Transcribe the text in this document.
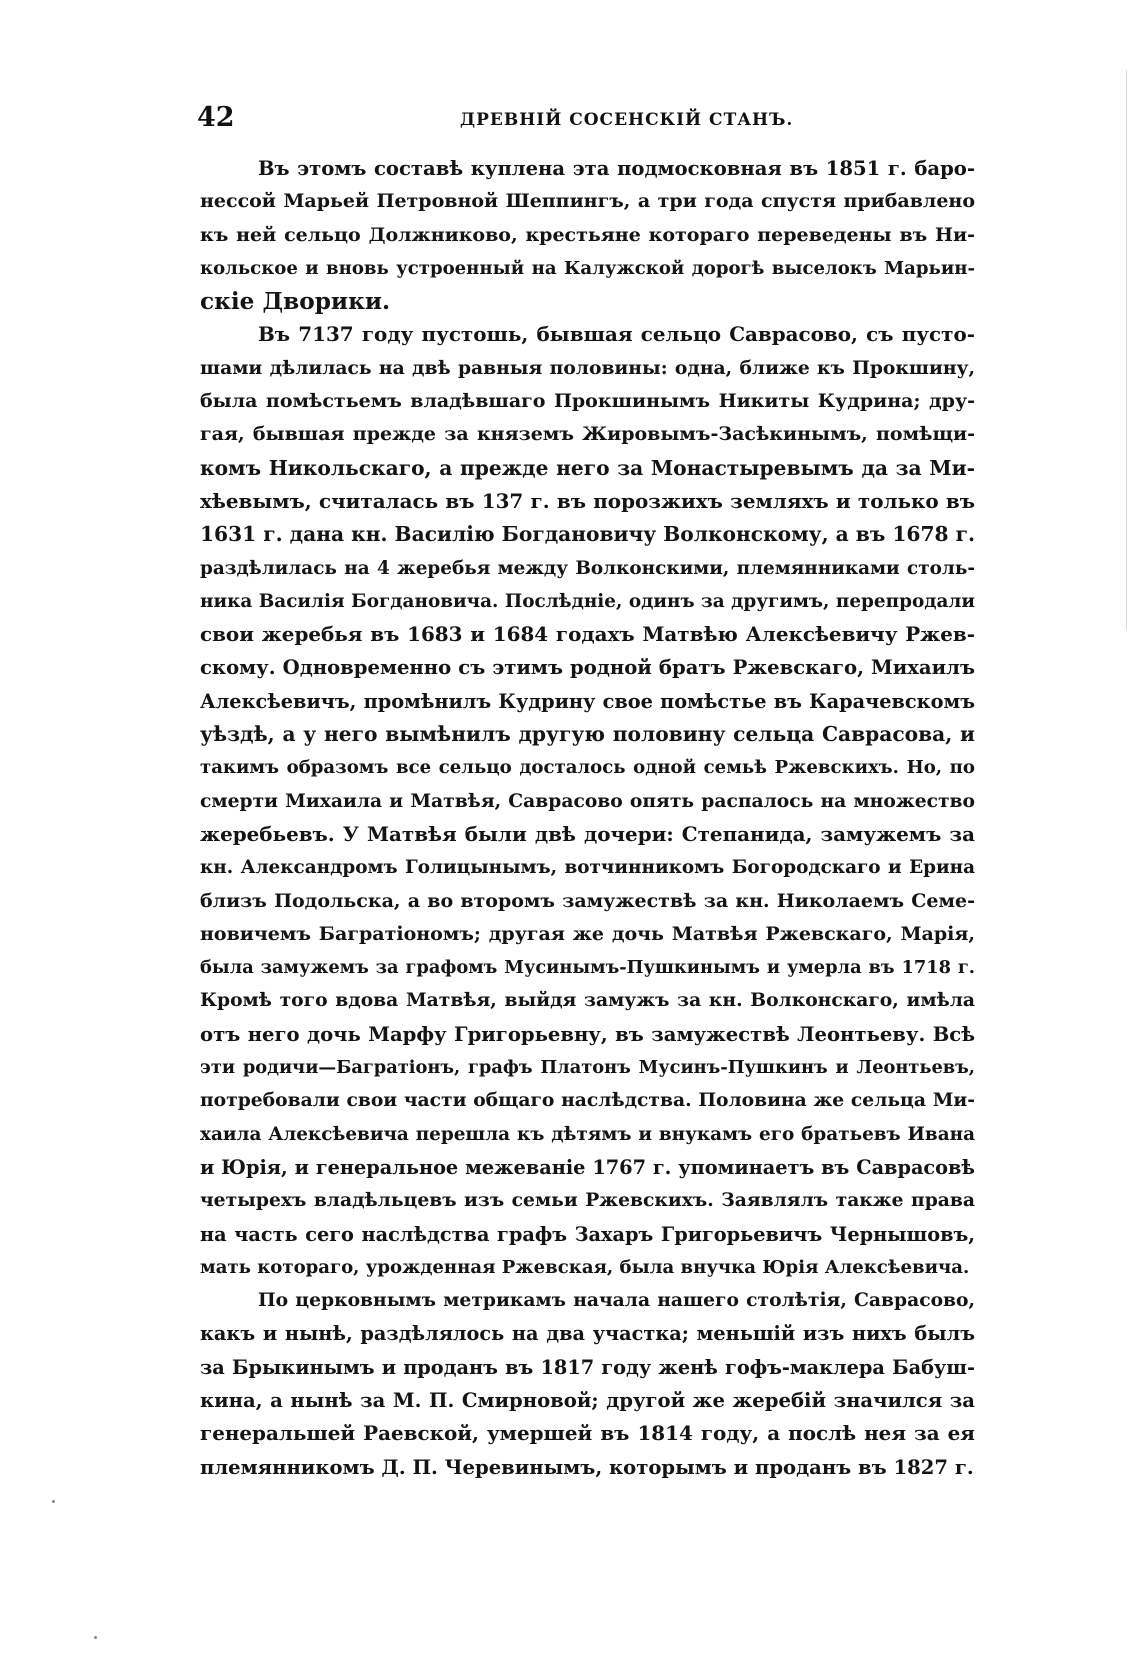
42	ДРЕВНІЙ СОСЕНСКІЙ СТАНЪ.
Въ этомъ составѣ куплена эта подмосковная въ 1851 г. баро-
нессой Марьей Петровной Шеппингъ, а три года спустя прибавлено
къ ней сельцо Должниково, крестьяне котораго переведены въ Ни-
кольское и вновь устроенный на Калужской дорогѣ выселокъ Марьин-
скіе Дворики.
Въ 7137 году пустошь, бывшая сельцо Саврасово, съ пусто-
шами дѣлилась на двѣ равныя половины: одна, ближе къ Прокшину,
была помѣстьемъ владѣвшаго Прокшинымъ Никиты Кудрина; дру-
гая, бывшая прежде за княземъ Жировымъ-Засѣкинымъ, помѣщи-
комъ Никольскаго, а прежде него за Монастыревымъ да за Ми-
хѣевымъ, считалась въ 137 г. въ порозжихъ земляхъ и только въ
1631 г. дана кн. Василію Богдановичу Волконскому, а въ 1678 г.
раздѣлилась на 4 жеребья между Волконскими, племянниками столь-
ника Василія Богдановича. Послѣдніе, одинъ за другимъ, перепродали
свои жеребья въ 1683 и 1684 годахъ Матвѣю Алексѣевичу Ржев-
скому. Одновременно съ этимъ родной братъ Ржевскаго, Михаилъ
Алексѣевичъ, промѣнилъ Кудрину свое помѣстье въ Карачевскомъ
уѣздѣ, а у него вымѣнилъ другую половину сельца Саврасова, и
такимъ образомъ все сельцо досталось одной семьѣ Ржевскихъ. Но, по
смерти Михаила и Матвѣя, Саврасово опять распалось на множество
жеребьевъ. У Матвѣя были двѣ дочери: Степанида, замужемъ за
кн. Александромъ Голицынымъ, вотчинникомъ Богородскаго и Ерина
близъ Подольска, а во второмъ замужествѣ за кн. Николаемъ Семе-
новичемъ Багратіономъ; другая же дочь Матвѣя Ржевскаго, Марія,
была замужемъ за графомъ Мусинымъ-Пушкинымъ и умерла въ 1718 г.
Кромѣ того вдова Матвѣя, выйдя замужъ за кн. Волконскаго, имѣла
отъ него дочь Марфу Григорьевну, въ замужествѣ Леонтьеву. Всѣ
эти родичи—Багратіонъ, графъ Платонъ Мусинъ-Пушкинъ и Леонтьевъ,
потребовали свои части общаго наслѣдства. Половина же сельца Ми-
хаила Алексѣевича перешла къ дѣтямъ и внукамъ его братьевъ Ивана
и Юрія, и генеральное межеваніе 1767 г. упоминаетъ въ Саврасовѣ
четырехъ владѣльцевъ изъ семьи Ржевскихъ. Заявлялъ также права
на часть сего наслѣдства графъ Захаръ Григорьевичъ Чернышовъ,
мать котораго, урожденная Ржевская, была внучка Юрія Алексѣевича.
По церковнымъ метрикамъ начала нашего столѣтія, Саврасово,
какъ и нынѣ, раздѣлялось на два участка; меньшій изъ нихъ былъ
за Брыкинымъ и проданъ въ 1817 году женѣ гофъ-маклера Бабуш-
кина, а нынѣ за М. П. Смирновой; другой же жеребій значился за
генеральшей Раевской, умершей въ 1814 году, а послѣ нея за ея
племянникомъ Д. П. Черевинымъ, которымъ и проданъ въ 1827 г.
